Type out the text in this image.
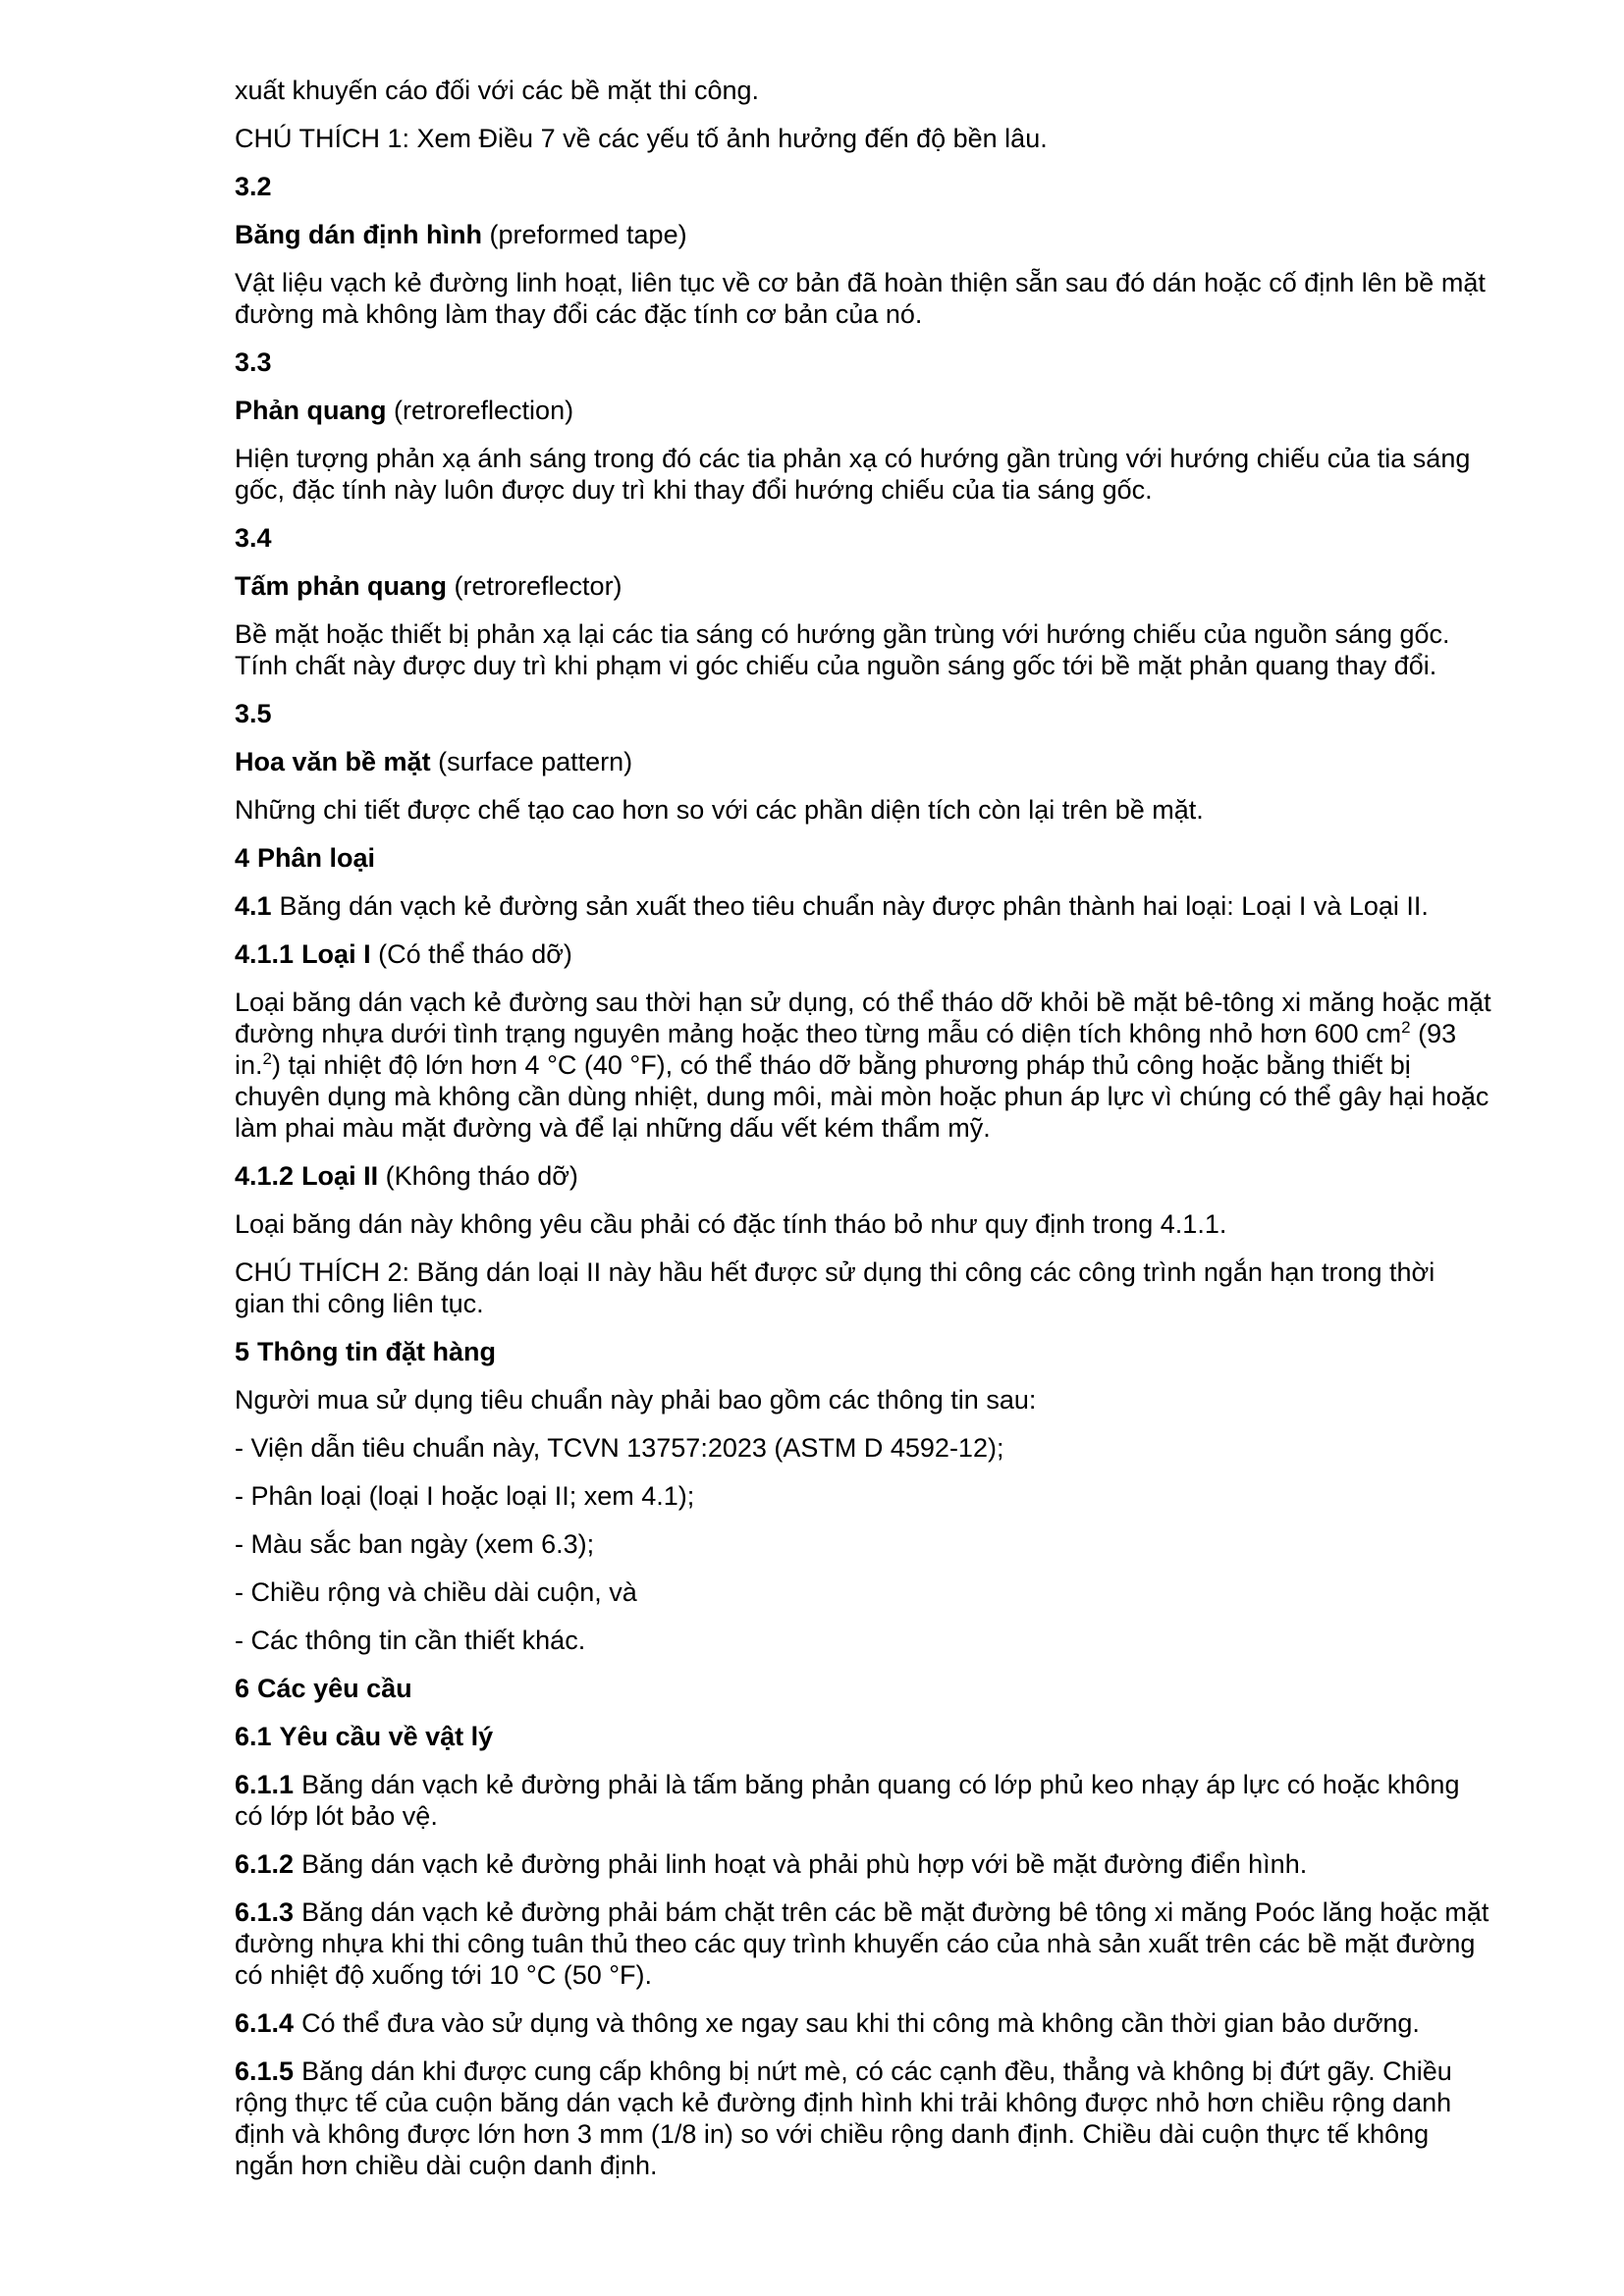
xuất khuyến cáo đối với các bề mặt thi công.

CHÚ THÍCH 1: Xem Điều 7 về các yếu tố ảnh hưởng đến độ bền lâu.

3.2

Băng dán định hình (preformed tape)

Vật liệu vạch kẻ đường linh hoạt, liên tục về cơ bản đã hoàn thiện sẵn sau đó dán hoặc cố định lên bề mặt đường mà không làm thay đổi các đặc tính cơ bản của nó.

3.3

Phản quang (retroreflection)

Hiện tượng phản xạ ánh sáng trong đó các tia phản xạ có hướng gần trùng với hướng chiếu của tia sáng gốc, đặc tính này luôn được duy trì khi thay đổi hướng chiếu của tia sáng gốc.

3.4

Tấm phản quang (retroreflector)

Bề mặt hoặc thiết bị phản xạ lại các tia sáng có hướng gần trùng với hướng chiếu của nguồn sáng gốc. Tính chất này được duy trì khi phạm vi góc chiếu của nguồn sáng gốc tới bề mặt phản quang thay đổi.

3.5

Hoa văn bề mặt (surface pattern)

Những chi tiết được chế tạo cao hơn so với các phần diện tích còn lại trên bề mặt.

4 Phân loại

4.1 Băng dán vạch kẻ đường sản xuất theo tiêu chuẩn này được phân thành hai loại: Loại I và Loại II.

4.1.1 Loại I (Có thể tháo dỡ)

Loại băng dán vạch kẻ đường sau thời hạn sử dụng, có thể tháo dỡ khỏi bề mặt bê-tông xi măng hoặc mặt đường nhựa dưới tình trạng nguyên mảng hoặc theo từng mẫu có diện tích không nhỏ hơn 600 $cm^2$ (93 in.$^2$) tại nhiệt độ lớn hơn 4 °C (40 °F), có thể tháo dỡ bằng phương pháp thủ công hoặc bằng thiết bị chuyên dụng mà không cần dùng nhiệt, dung môi, mài mòn hoặc phun áp lực vì chúng có thể gây hại hoặc làm phai màu mặt đường và để lại những dấu vết kém thẩm mỹ.

4.1.2 Loại II (Không tháo dỡ)

Loại băng dán này không yêu cầu phải có đặc tính tháo bỏ như quy định trong 4.1.1.

CHÚ THÍCH 2: Băng dán loại II này hầu hết được sử dụng thi công các công trình ngắn hạn trong thời gian thi công liên tục.

5 Thông tin đặt hàng

Người mua sử dụng tiêu chuẩn này phải bao gồm các thông tin sau:

- Viện dẫn tiêu chuẩn này, TCVN 13757:2023 (ASTM D 4592-12);

- Phân loại (loại I hoặc loại II; xem 4.1);

- Màu sắc ban ngày (xem 6.3);

- Chiều rộng và chiều dài cuộn, và

- Các thông tin cần thiết khác.

6 Các yêu cầu

6.1 Yêu cầu về vật lý

6.1.1 Băng dán vạch kẻ đường phải là tấm băng phản quang có lớp phủ keo nhạy áp lực có hoặc không có lớp lót bảo vệ.

6.1.2 Băng dán vạch kẻ đường phải linh hoạt và phải phù hợp với bề mặt đường điển hình.

6.1.3 Băng dán vạch kẻ đường phải bám chặt trên các bề mặt đường bê tông xi măng Poóc lăng hoặc mặt đường nhựa khi thi công tuân thủ theo các quy trình khuyến cáo của nhà sản xuất trên các bề mặt đường có nhiệt độ xuống tới 10 °C (50 °F).

6.1.4 Có thể đưa vào sử dụng và thông xe ngay sau khi thi công mà không cần thời gian bảo dưỡng.

6.1.5 Băng dán khi được cung cấp không bị nứt mè, có các cạnh đều, thẳng và không bị đứt gãy. Chiều rộng thực tế của cuộn băng dán vạch kẻ đường định hình khi trải không được nhỏ hơn chiều rộng danh định và không được lớn hơn 3 mm (1/8 in) so với chiều rộng danh định. Chiều dài cuộn thực tế không ngắn hơn chiều dài cuộn danh định.
